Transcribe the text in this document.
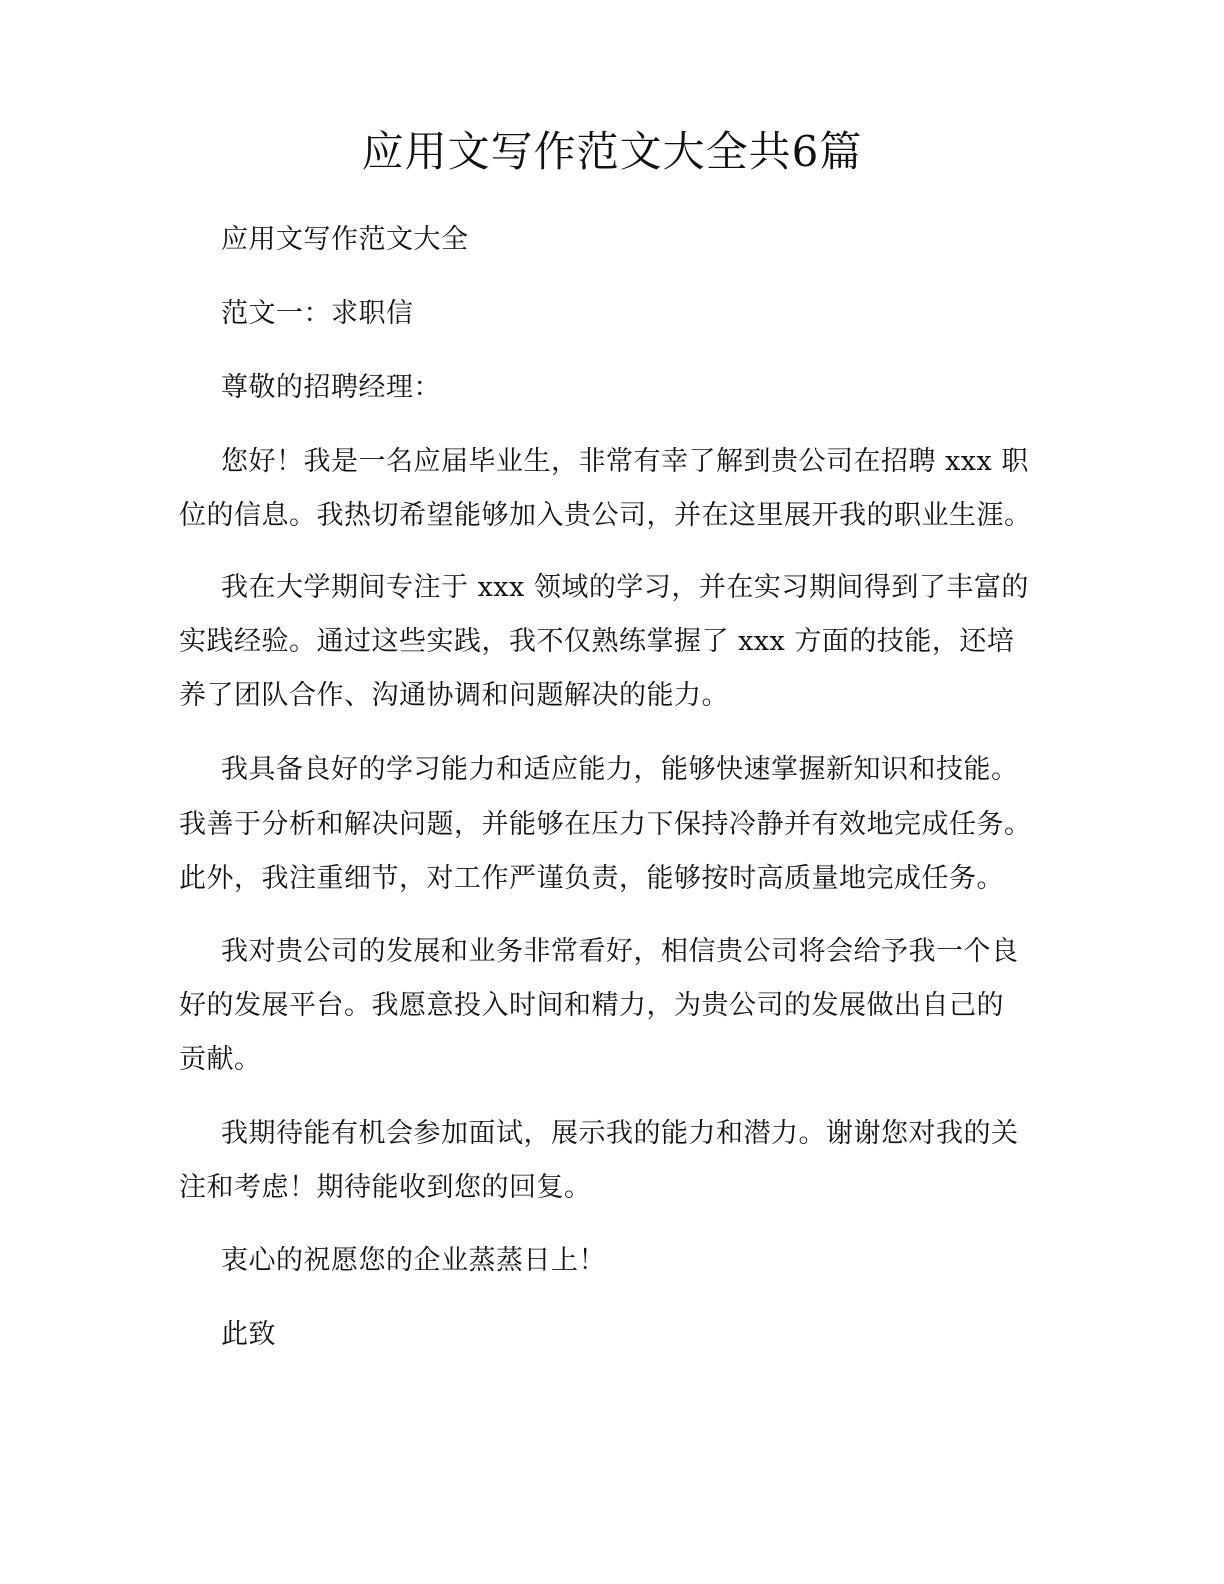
应用文写作范文大全共6篇
应用文写作范文大全
范文一：求职信
尊敬的招聘经理：
您好！我是一名应届毕业生，非常有幸了解到贵公司在招聘 xxx 职
位的信息。我热切希望能够加入贵公司，并在这里展开我的职业生涯。
我在大学期间专注于 xxx 领域的学习，并在实习期间得到了丰富的
实践经验。通过这些实践，我不仅熟练掌握了 xxx 方面的技能，还培
养了团队合作、沟通协调和问题解决的能力。
我具备良好的学习能力和适应能力，能够快速掌握新知识和技能。
我善于分析和解决问题，并能够在压力下保持冷静并有效地完成任务。
此外，我注重细节，对工作严谨负责，能够按时高质量地完成任务。
我对贵公司的发展和业务非常看好，相信贵公司将会给予我一个良
好的发展平台。我愿意投入时间和精力，为贵公司的发展做出自己的
贡献。
我期待能有机会参加面试，展示我的能力和潜力。谢谢您对我的关
注和考虑！期待能收到您的回复。
衷心的祝愿您的企业蒸蒸日上！
此致
